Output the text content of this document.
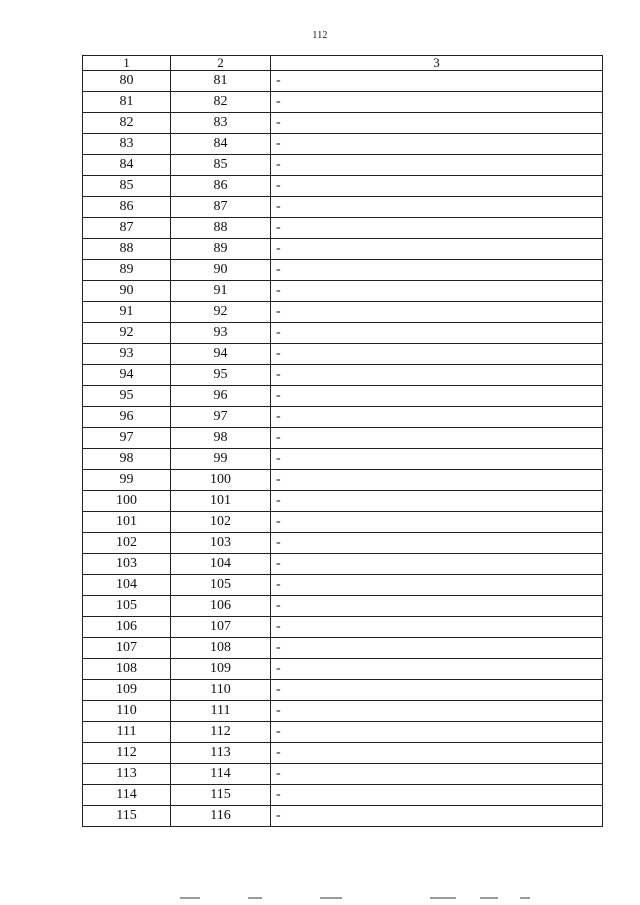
112
1	2	3
80	81	-
81	82	-
82	83	-
83	84	-
84	85	-
85	86	-
86	87	-
87	88	-
88	89	-
89	90	-
90	91	-
91	92	-
92	93	-
93	94	-
94	95	-
95	96	-
96	97	-
97	98	-
98	99	-
99	100	-
100	101	-
101	102	-
102	103	-
103	104	-
104	105	-
105	106	-
106	107	-
107	108	-
108	109	-
109	110	-
110	111	-
111	112	-
112	113	-
113	114	-
114	115	-
115	116	-
